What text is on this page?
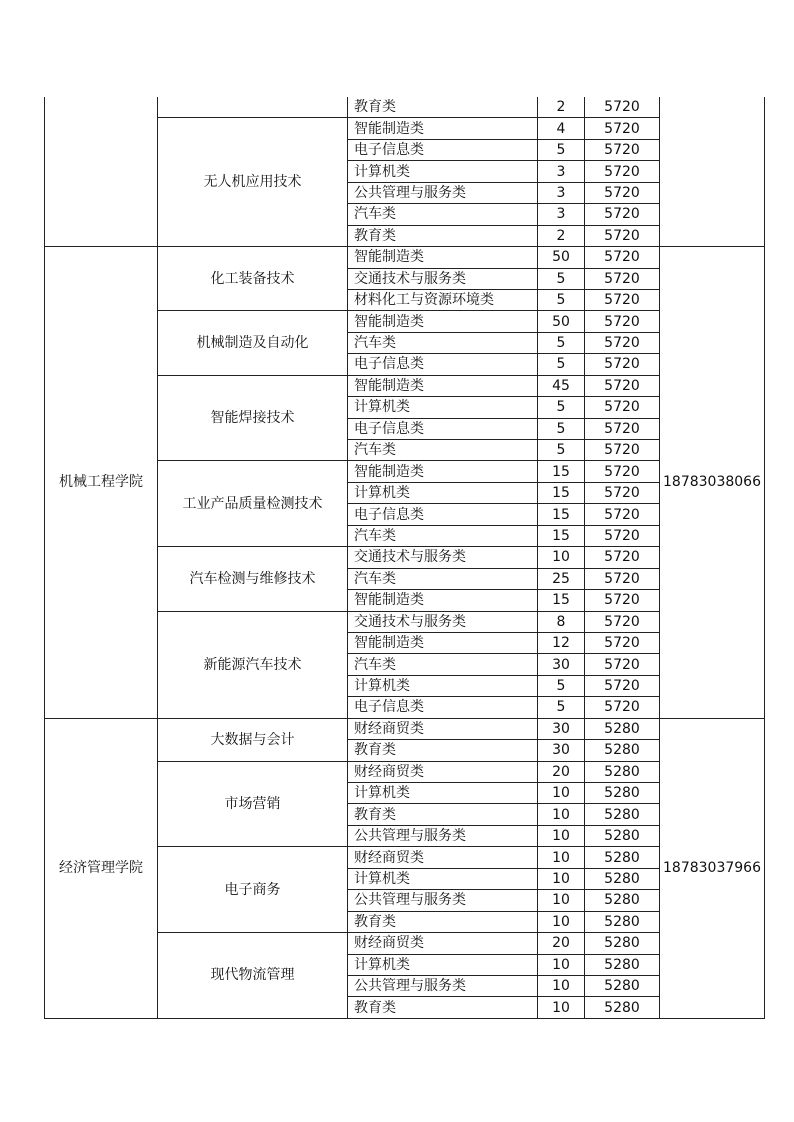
		教育类	2	5720	
	无人机应用技术	智能制造类	4	5720	
		电子信息类	5	5720	
		计算机类	3	5720	
		公共管理与服务类	3	5720	
		汽车类	3	5720	
		教育类	2	5720	
机械工程学院	化工装备技术	智能制造类	50	5720	18783038066
		交通技术与服务类	5	5720	
		材料化工与资源环境类	5	5720	
	机械制造及自动化	智能制造类	50	5720	
		汽车类	5	5720	
		电子信息类	5	5720	
	智能焊接技术	智能制造类	45	5720	
		计算机类	5	5720	
		电子信息类	5	5720	
		汽车类	5	5720	
	工业产品质量检测技术	智能制造类	15	5720	
		计算机类	15	5720	
		电子信息类	15	5720	
		汽车类	15	5720	
	汽车检测与维修技术	交通技术与服务类	10	5720	
		汽车类	25	5720	
		智能制造类	15	5720	
	新能源汽车技术	交通技术与服务类	8	5720	
		智能制造类	12	5720	
		汽车类	30	5720	
		计算机类	5	5720	
		电子信息类	5	5720	
经济管理学院	大数据与会计	财经商贸类	30	5280	18783037966
		教育类	30	5280	
	市场营销	财经商贸类	20	5280	
		计算机类	10	5280	
		教育类	10	5280	
		公共管理与服务类	10	5280	
	电子商务	财经商贸类	10	5280	
		计算机类	10	5280	
		公共管理与服务类	10	5280	
		教育类	10	5280	
	现代物流管理	财经商贸类	20	5280	
		计算机类	10	5280	
		公共管理与服务类	10	5280	
		教育类	10	5280	
